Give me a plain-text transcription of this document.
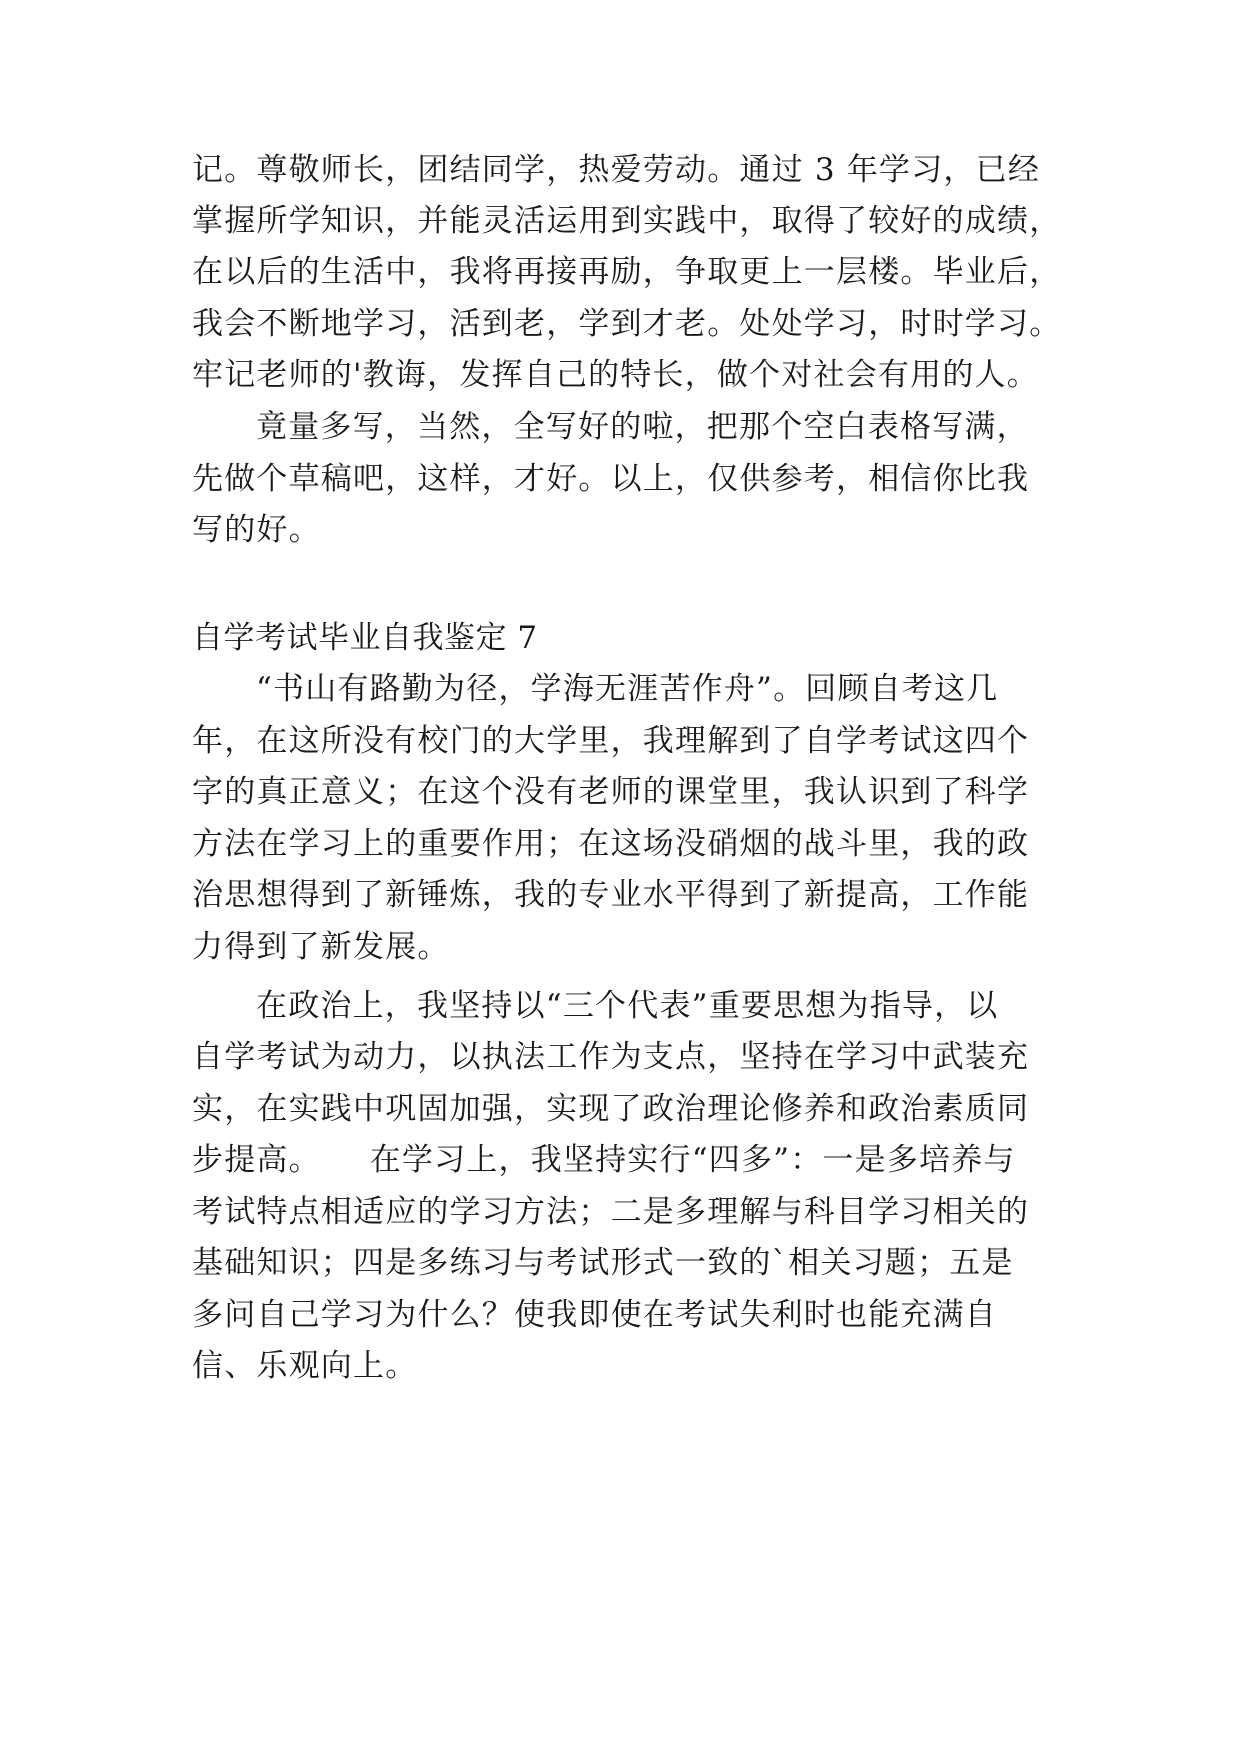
记。尊敬师长，团结同学，热爱劳动。通过 3 年学习，已经
掌握所学知识，并能灵活运用到实践中，取得了较好的成绩，
在以后的生活中，我将再接再励，争取更上一层楼。毕业后，
我会不断地学习，活到老，学到才老。处处学习，时时学习。
牢记老师的'教诲，发挥自己的特长，做个对社会有用的人。
竟量多写，当然，全写好的啦，把那个空白表格写满，
先做个草稿吧，这样，才好。以上，仅供参考，相信你比我
写的好。
自学考试毕业自我鉴定 7
“书山有路勤为径，学海无涯苦作舟”。回顾自考这几
年，在这所没有校门的大学里，我理解到了自学考试这四个
字的真正意义；在这个没有老师的课堂里，我认识到了科学
方法在学习上的重要作用；在这场没硝烟的战斗里，我的政
治思想得到了新锤炼，我的专业水平得到了新提高，工作能
力得到了新发展。
在政治上，我坚持以“三个代表”重要思想为指导，以
自学考试为动力，以执法工作为支点，坚持在学习中武装充
实，在实践中巩固加强，实现了政治理论修养和政治素质同
步提高。　　在学习上，我坚持实行“四多”：一是多培养与
考试特点相适应的学习方法；二是多理解与科目学习相关的
基础知识；四是多练习与考试形式一致的`相关习题；五是
多问自己学习为什么？使我即使在考试失利时也能充满自
信、乐观向上。
